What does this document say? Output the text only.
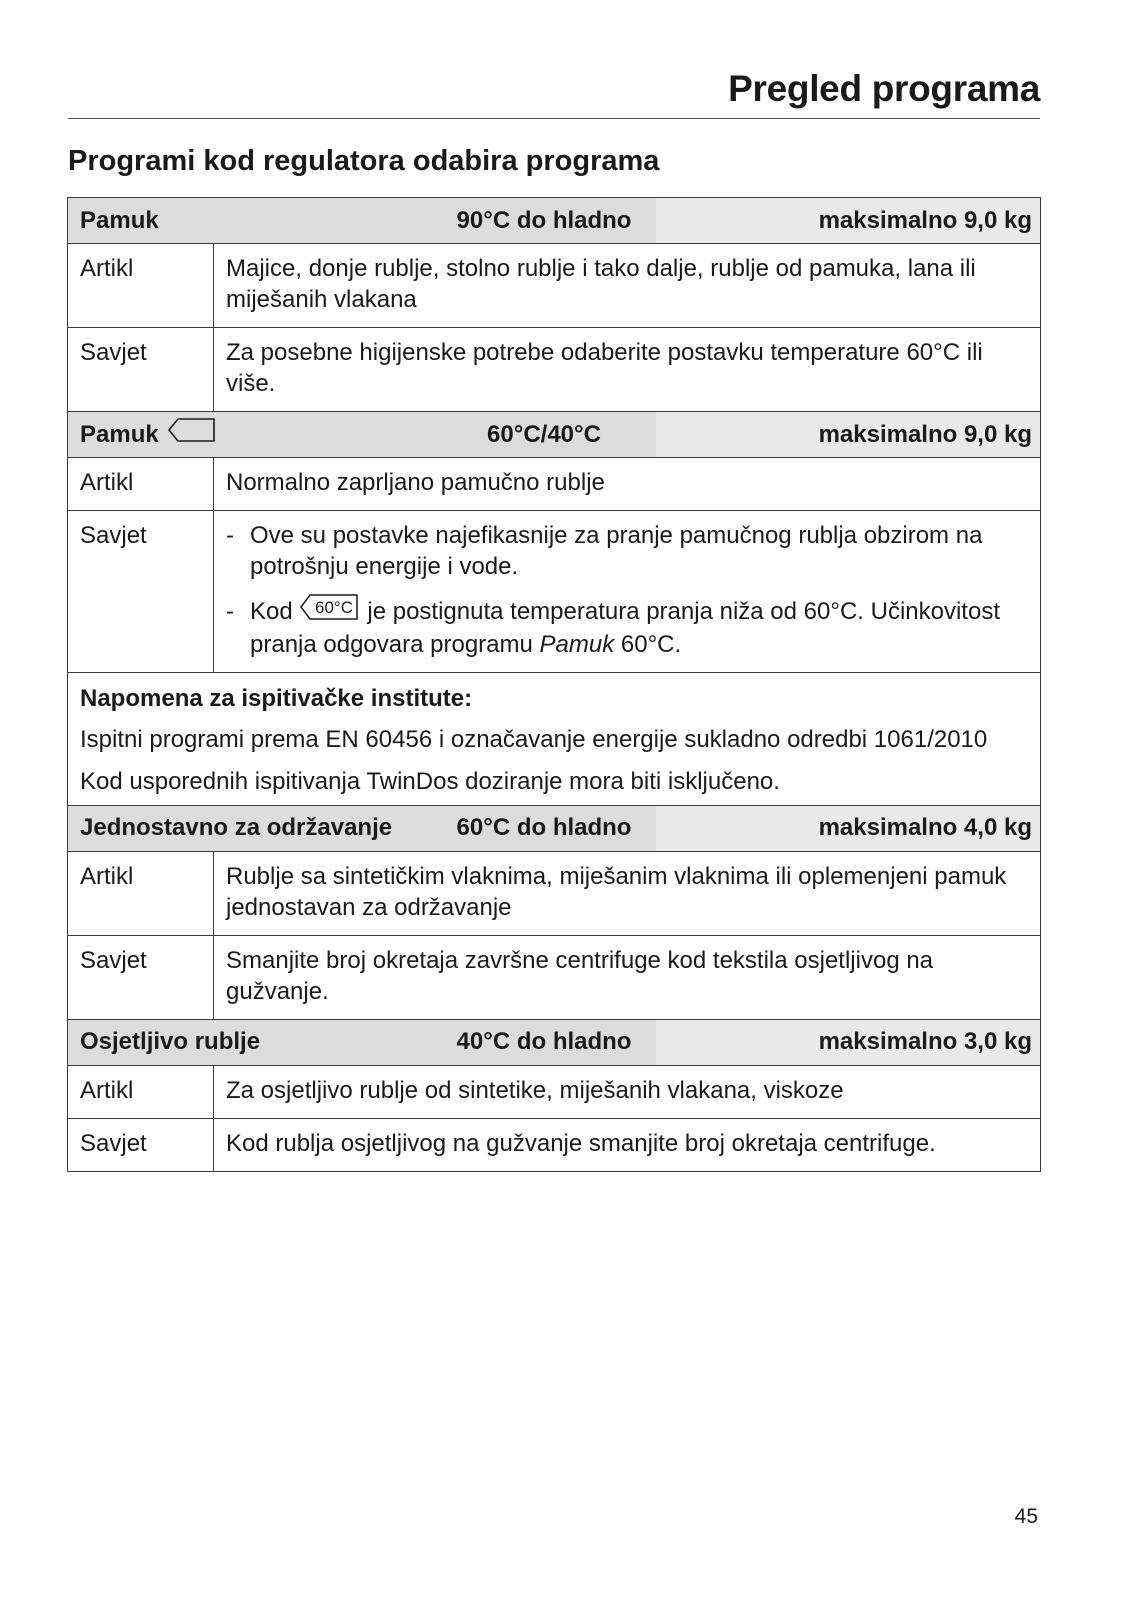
Pregled programa
Programi kod regulatora odabira programa
Pamuk	90°C do hladno	maksimalno 9,0 kg
Artikl	Majice, donje rublje, stolno rublje i tako dalje, rublje od pamuka, lana ili miješanih vlakana
Savjet	Za posebne higijenske potrebe odaberite postavku temperature 60°C ili više.
Pamuk	60°C/40°C	maksimalno 9,0 kg
Artikl	Normalno zaprljano pamučno rublje
Savjet	- Ove su postavke najefikasnije za pranje pamučnog rublja obzirom na potrošnju energije i vode.
- Kod 60°C je postignuta temperatura pranja niža od 60°C. Učinkovitost pranja odgovara programu Pamuk 60°C.
Napomena za ispitivačke institute:
Ispitni programi prema EN 60456 i označavanje energije sukladno odredbi 1061/2010
Kod usporednih ispitivanja TwinDos doziranje mora biti isključeno.
Jednostavno za održavanje	60°C do hladno	maksimalno 4,0 kg
Artikl	Rublje sa sintetičkim vlaknima, miješanim vlaknima ili oplemenjeni pamuk jednostavan za održavanje
Savjet	Smanjite broj okretaja završne centrifuge kod tekstila osjetljivog na gužvanje.
Osjetljivo rublje	40°C do hladno	maksimalno 3,0 kg
Artikl	Za osjetljivo rublje od sintetike, miješanih vlakana, viskoze
Savjet	Kod rublja osjetljivog na gužvanje smanjite broj okretaja centrifuge.
45
